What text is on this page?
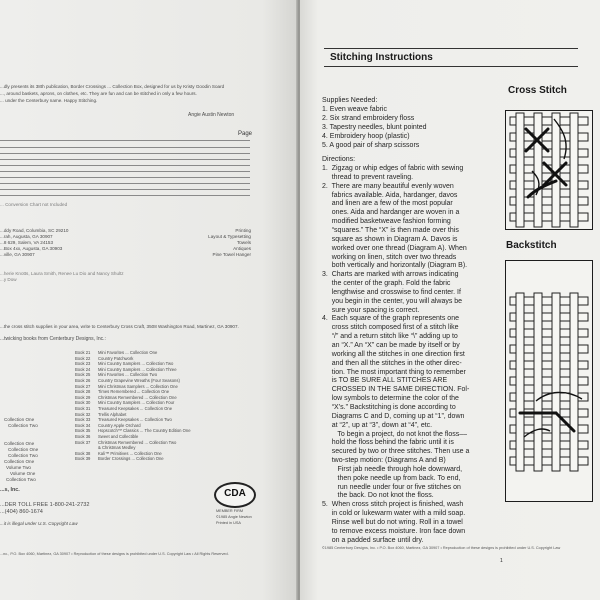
...dly presents its 38th publication, Border Crossings ... Collection Box, designed for us by Kristy Goodin Soard
..., around baskets, aprons, on clothes, etc. They are fun and can be stitched in only a few hours.
... under the Centerbury name. Happy Stitching.
Angie Austin Newton
Page
... Conversion Chart not Included
...ddy Road, Columbia, SC 29210
...rah, Augusta, GA 30907
...8 629, Salem, VA 24153
...Box 4xx, Augusta, GA 30903
...ville, GA 30907
Printing
Layout & Typesetting
Towels
Antiques
Pine Towel Hanger
...herie Knotts, Laura Smith, Renee Lu Dio and Nancy Shultz
...y Dow
...the cross stitch supplies in your area, write to Centerbury Cross Craft, 3508 Washington Road, Martinez, GA 30907.
...twicking books from Centerbury Designs, Inc.:
Collection One
Collection Two
Collection One
Collection One
Collection Two
Collection One
Volume Two
Volume One
Collection Two
Book 21 Mini Favorites ... Collection One
Book 22 Country Patchwork
Book 23 Mini Country Samplers ... Collection Two
Book 24 Mini Country Samplers ... Collection Three
Book 25 Mini Favorites ... Collection Two
Book 26 Country Grapevine Wreaths (Four Seasons)
Book 27 Mini Christmas Samplers ... Collection One
Book 28 Times Remembered ... Collection One
Book 29 Christmas Remembered ... Collection One
Book 30 Mini Country Samplers ... Collection Four
Book 31 Treasured Keepsakes ... Collection One
Book 32 Trellis Alphabet
Book 33 Treasured Keepsakes ... Collection Two
Book 34 Country Apple Orchard
Book 35 Hopscotch™ Classics ... The Country Edition One
Book 36 Sweet and Collectible
Book 37 Christmas Remembered ... Collection Two
& Christmas Medley
Book 38 Kali™ Primitives ... Collection One
Book 39 Border Crossings ... Collection One
...s, Inc.
...DER TOLL FREE 1-800-241-2732
...(404) 860-1674
...it is illegal under U.S. Copyright Law
CDA
MEMBER FIRM
©1985 Angie Newton
Printed in USA
...nc., P.O. Box 4060, Martinez, GA 30907 • Reproduction of these designs is prohibited under U.S. Copyright Law • All Rights Reserved.
Stitching Instructions
Supplies Needed:
1. Even weave fabric
2. Six strand embroidery floss
3. Tapestry needles, blunt pointed
4. Embroidery hoop (plastic)
5. A good pair of sharp scissors
Directions:
1.  Zigzag or whip edges of fabric with sewing
thread to prevent raveling.
2.  There are many beautiful evenly woven
fabrics available. Aida, hardanger, davos
and linen are a few of the most popular
ones. Aida and hardanger are woven in a
modified basketweave fashion forming
“squares.” The “X” is then made over this
square as shown in Diagram A. Davos is
worked over one thread (Diagram A). When
working on linen, stitch over two threads
both vertically and horizontally (Diagram B).
3.  Charts are marked with arrows indicating
the center of the graph. Fold the fabric
lengthwise and crosswise to find center. If
you begin in the center, you will always be
sure your spacing is correct.
4.  Each square of the graph represents one
cross stitch composed first of a stitch like
“/” and a return stitch like “\” adding up to
an “X.” An “X” can be made by itself or by
working all the stitches in one direction first
and then all the stitches in the other direc-
tion. The most important thing to remember
is TO BE SURE ALL STITCHES ARE
CROSSED IN THE SAME DIRECTION. Fol-
low symbols to determine the color of the
“X’s.” Backstitching is done according to
Diagrams C and D, coming up at “1”, down
at “2”, up at “3”, down at “4”, etc.
To begin a project, do not knot the floss––
hold the floss behind the fabric until it is
secured by two or three stitches. Then use a
two-step motion: (Diagrams A and B)
First jab needle through hole downward,
then poke needle up from back. To end,
run needle under four or five stitches on
the back. Do not knot the floss.
5.  When cross stitch project is finished, wash
in cold or lukewarm water with a mild soap.
Rinse well but do not wring. Roll in a towel
to remove excess moisture. Iron face down
on a padded surface until dry.
Cross Stitch
Backstitch
©1985 Centerbury Designs, Inc. • P.O. Box 4060, Martinez, GA 30907 • Reproduction of these designs is prohibited under U.S. Copyright Law
1
